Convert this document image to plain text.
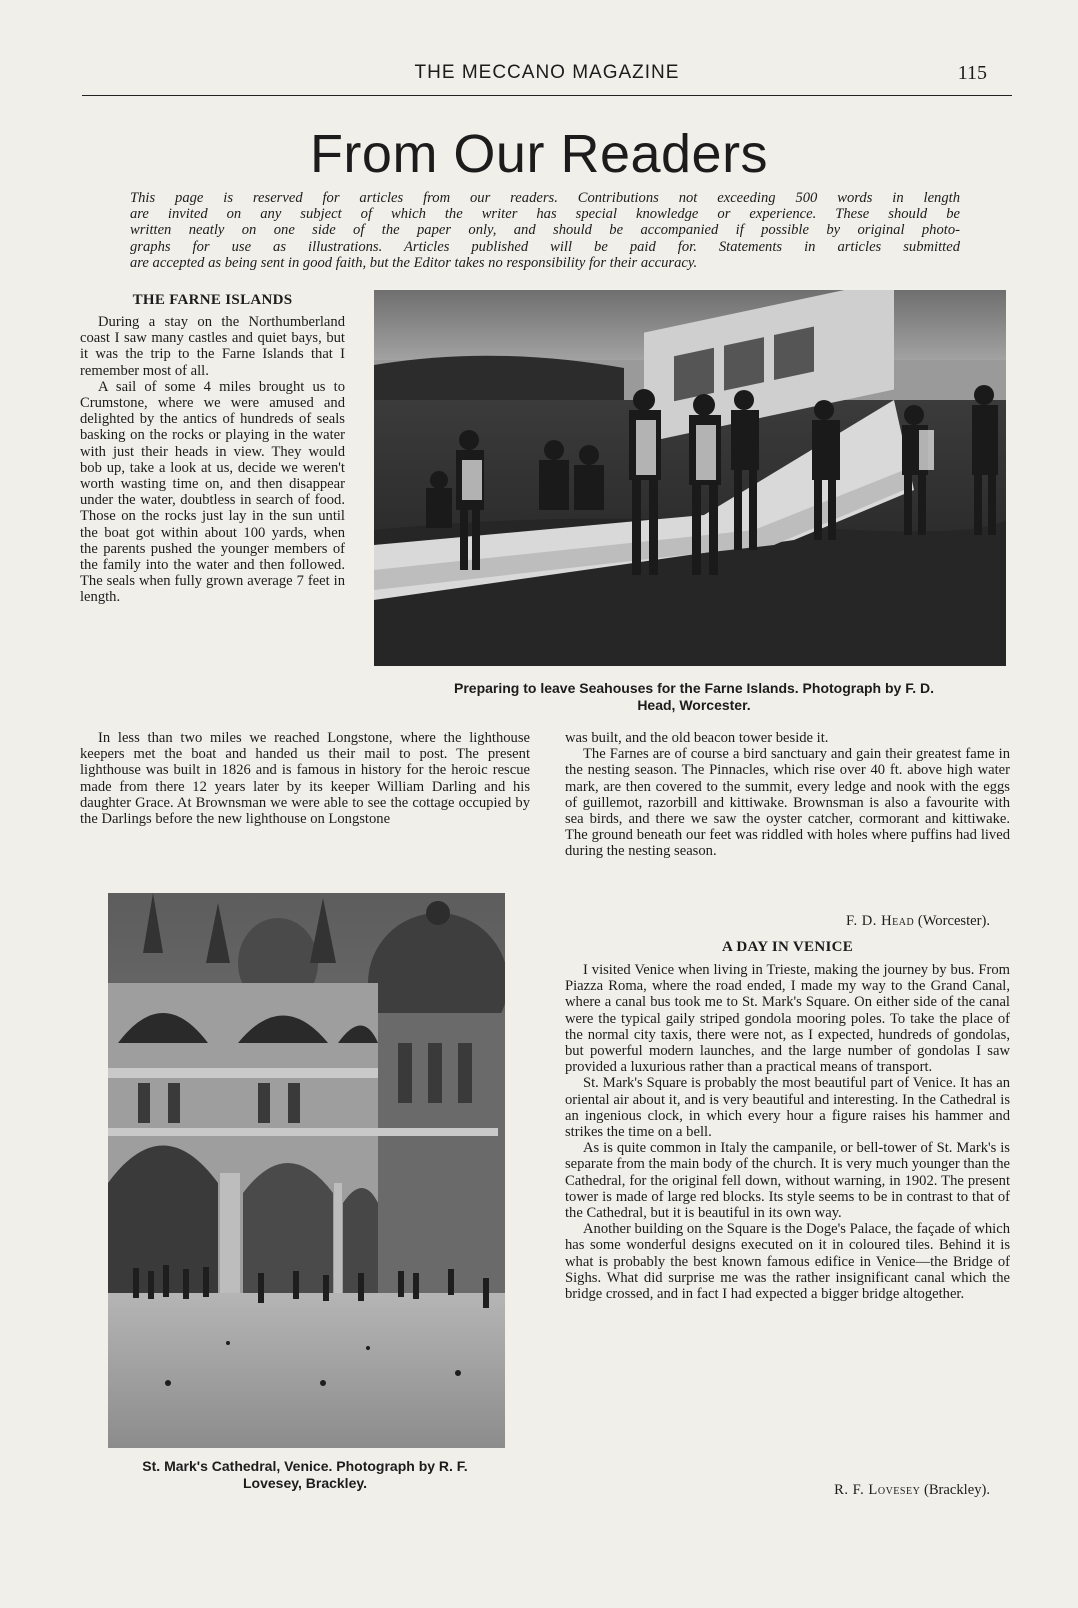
THE MECCANO MAGAZINE	115
From Our Readers
This page is reserved for articles from our readers. Contributions not exceeding 500 words in length
are invited on any subject of which the writer has special knowledge or experience. These should be
written neatly on one side of the paper only, and should be accompanied if possible by original photo-
graphs for use as illustrations. Articles published will be paid for. Statements in articles submitted
are accepted as being sent in good faith, but the Editor takes no responsibility for their accuracy.
THE FARNE ISLANDS

During a stay on the Northumberland coast I saw many castles and quiet bays, but it was the trip to the Farne Islands that I remember most of all.

A sail of some 4 miles brought us to Crumstone, where we were amused and delighted by the antics of hundreds of seals basking on the rocks or playing in the water with just their heads in view. They would bob up, take a look at us, decide we weren't worth wasting time on, and then disappear under the water, doubtless in search of food. Those on the rocks just lay in the sun until the boat got within about 100 yards, when the parents pushed the younger members of the family into the water and then followed. The seals when fully grown average 7 feet in length.

Preparing to leave Seahouses for the Farne Islands. Photograph by F. D.
Head, Worcester.

In less than two miles we reached Longstone, where the lighthouse keepers met the boat and handed us their mail to post. The present lighthouse was built in 1826 and is famous in history for the heroic rescue made from there 12 years later by its keeper William Darling and his daughter Grace. At Brownsman we were able to see the cottage occupied by the Darlings before the new lighthouse on Longstone

was built, and the old beacon tower beside it.

The Farnes are of course a bird sanctuary and gain their greatest fame in the nesting season. The Pinnacles, which rise over 40 ft. above high water mark, are then covered to the summit, every ledge and nook with the eggs of guillemot, razorbill and kittiwake. Brownsman is also a favourite with sea birds, and there we saw the oyster catcher, cormorant and kittiwake. The ground beneath our feet was riddled with holes where puffins had lived during the nesting season.

F. D. Head (Worcester).
A DAY IN VENICE

I visited Venice when living in Trieste, making the journey by bus. From Piazza Roma, where the road ended, I made my way to the Grand Canal, where a canal bus took me to St. Mark's Square. On either side of the canal were the typical gaily striped gondola mooring poles. To take the place of the normal city taxis, there were not, as I expected, hundreds of gondolas, but powerful modern launches, and the large number of gondolas I saw provided a luxurious rather than a practical means of transport.

St. Mark's Square is probably the most beautiful part of Venice. It has an oriental air about it, and is very beautiful and interesting. In the Cathedral is an ingenious clock, in which every hour a figure raises his hammer and strikes the time on a bell.

As is quite common in Italy the campanile, or bell-tower of St. Mark's is separate from the main body of the church. It is very much younger than the Cathedral, for the original fell down, without warning, in 1902. The present tower is made of large red blocks. Its style seems to be in contrast to that of the Cathedral, but it is beautiful in its own way.

Another building on the Square is the Doge's Palace, the façade of which has some wonderful designs executed on it in coloured tiles. Behind it is what is probably the best known famous edifice in Venice—the Bridge of Sighs. What did surprise me was the rather insignificant canal which the bridge crossed, and in fact I had expected a bigger bridge altogether.

R. F. Lovesey (Brackley).
St. Mark's Cathedral, Venice. Photograph by R. F.
Lovesey, Brackley.
